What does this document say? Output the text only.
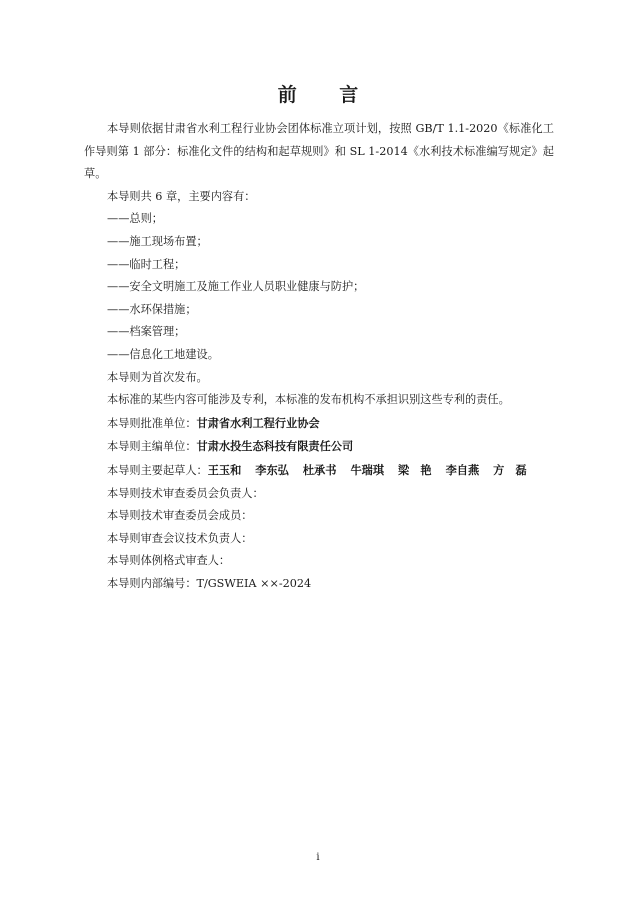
前 言

本导则依据甘肃省水利工程行业协会团体标准立项计划，按照 GB/T 1.1-2020《标准化工作导则第 1 部分：标准化文件的结构和起草规则》和 SL 1-2014《水利技术标准编写规定》起草。

本导则共 6 章，主要内容有：

——总则；

——施工现场布置；

——临时工程；

——安全文明施工及施工作业人员职业健康与防护；

——水环保措施；

——档案管理；

——信息化工地建设。

本导则为首次发布。

本标准的某些内容可能涉及专利，本标准的发布机构不承担识别这些专利的责任。

本导则批准单位：甘肃省水利工程行业协会

本导则主编单位：甘肃水投生态科技有限责任公司

本导则主要起草人：王玉和 李东弘 杜承书 牛瑞琪 梁　艳 李自燕 方　磊

本导则技术审查委员会负责人：

本导则技术审查委员会成员：

本导则审查会议技术负责人：

本导则体例格式审查人：

本导则内部编号：T/GSWEIA ××-2024

i
